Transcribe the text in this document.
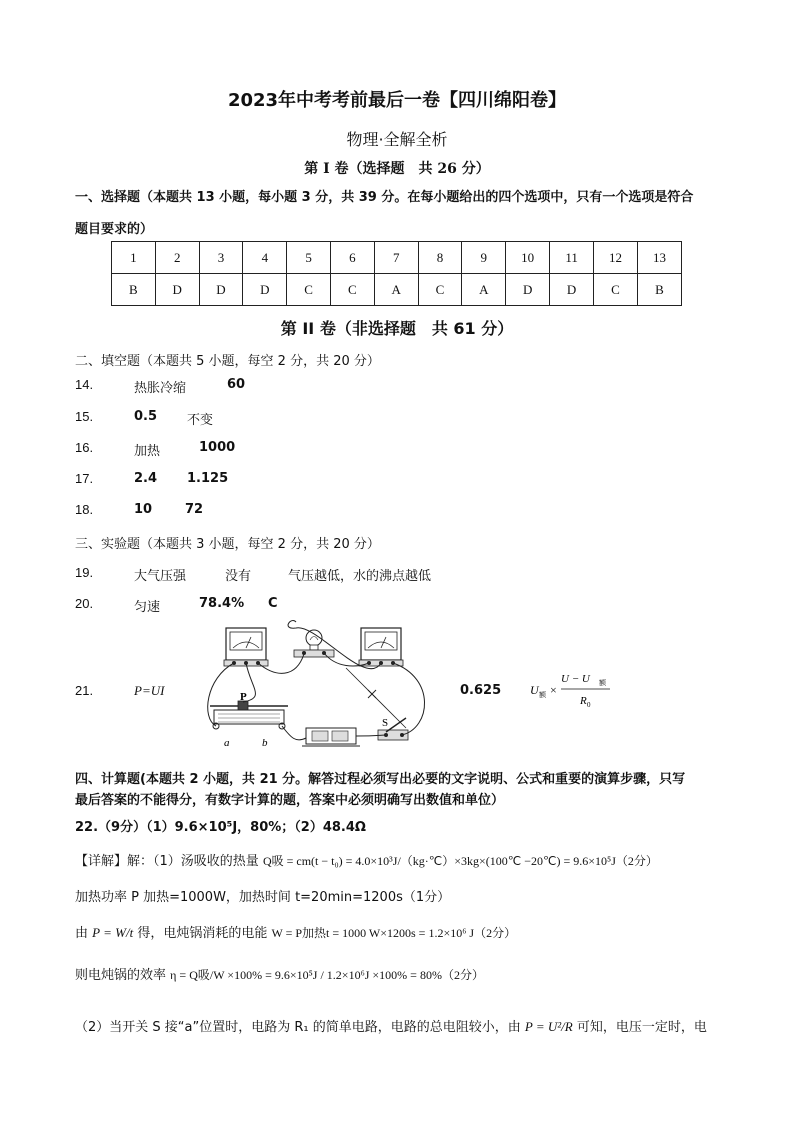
2023年中考考前最后一卷【四川绵阳卷】
物理·全解全析
第 I 卷（选择题　共 26 分）
一、选择题（本题共 13 小题，每小题 3 分，共 39 分。在每小题给出的四个选项中，只有一个选项是符合
题目要求的）
1	2	3	4	5	6	7	8	9	10	11	12	13
B	D	D	D	C	C	A	C	A	D	D	C	B
第 II 卷（非选择题　共 61 分）
二、填空题（本题共 5 小题，每空 2 分，共 20 分）
14.	热胀冷缩	60
15.	0.5 不变
16.	加热	1000
17.	2.4 1.125
18.	10	72
三、实验题（本题共 3 小题，每空 2 分，共 20 分）
19.	大气压强	没有	气压越低，水的沸点越低
20.	匀速	78.4% C
21.	P=UI	0.625
P
a	b
S
U 额 ×
U − U 额
R 0
四、计算题(本题共 2 小题，共 21 分。解答过程必须写出必要的文字说明、公式和重要的演算步骤，只写
最后答案的不能得分，有数字计算的题，答案中必须明确写出数值和单位）
22.（9分）（1）9.6×10⁵J，80%；（2）48.4Ω
【详解】解：（1）汤吸收的热量 Q吸 = cm(t − t₀) = 4.0×10³J/（kg·℃）×3kg×(100℃ −20℃) = 9.6×10⁵J（2分）
加热功率 P 加热=1000W，加热时间 t=20min=1200s（1分）
由 P = W/t 得，电炖锅消耗的电能 W = P加热t = 1000 W×1200s = 1.2×10⁶ J（2分）
则电炖锅的效率 η = Q吸/W ×100% = 9.6×10⁵J / 1.2×10⁶J ×100% = 80%（2分）
（2）当开关 S 接“a”位置时，电路为 R₁ 的简单电路，电路的总电阻较小，由 P = U²/R 可知，电压一定时，电
